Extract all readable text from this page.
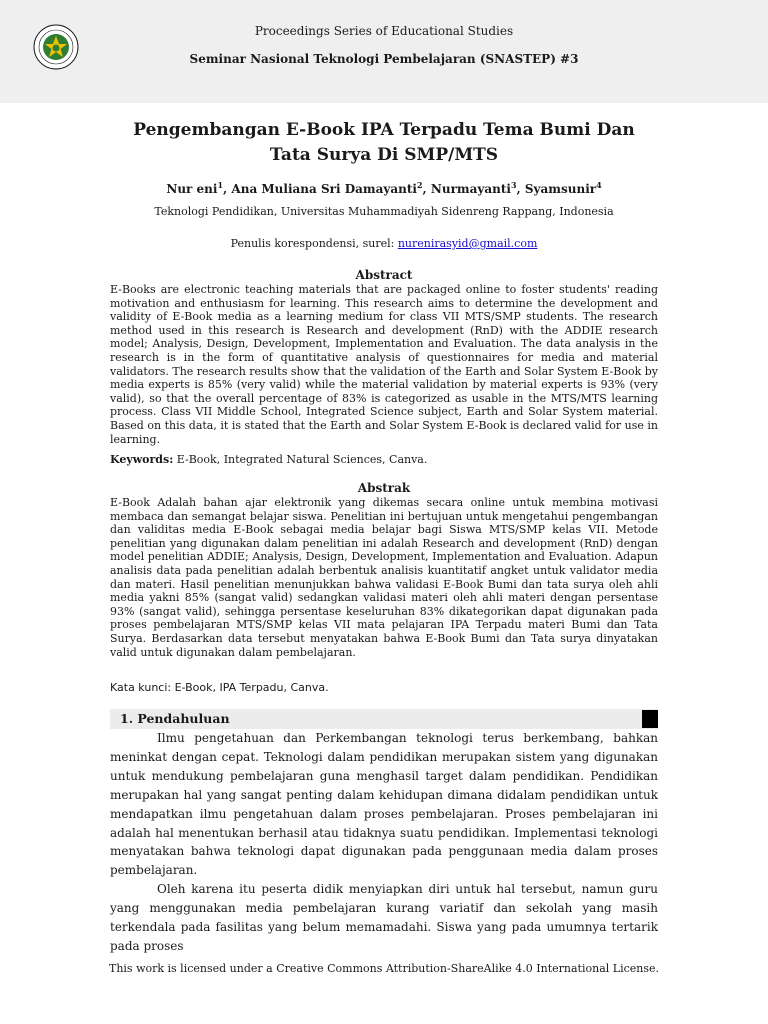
Proceedings Series of Educational Studies
Seminar Nasional Teknologi Pembelajaran (SNASTEP) #3
Pengembangan E-Book IPA Terpadu Tema Bumi Dan Tata Surya Di SMP/MTS
Nur eni$^1$, Ana Muliana Sri Damayanti$^2$, Nurmayanti$^3$, Syamsunir$^4$
Teknologi Pendidikan, Universitas Muhammadiyah Sidenreng Rappang, Indonesia
Penulis korespondensi, surel: nurenirasyid@gmail.com
Abstract

E-Books are electronic teaching materials that are packaged online to foster students' reading motivation and enthusiasm for learning. This research aims to determine the development and validity of E-Book media as a learning medium for class VII MTS/SMP students. The research method used in this research is Research and development (RnD) with the ADDIE research model; Analysis, Design, Development, Implementation and Evaluation. The data analysis in the research is in the form of quantitative analysis of questionnaires for media and material validators. The research results show that the validation of the Earth and Solar System E-Book by media experts is 85% (very valid) while the material validation by material experts is 93% (very valid), so that the overall percentage of 83% is categorized as usable in the MTS/MTS learning process. Class VII Middle School, Integrated Science subject, Earth and Solar System material. Based on this data, it is stated that the Earth and Solar System E-Book is declared valid for use in learning.

Keywords: E-Book, Integrated Natural Sciences, Canva.
Abstrak

E-Book Adalah bahan ajar elektronik yang dikemas secara online untuk membina motivasi membaca dan semangat belajar siswa. Penelitian ini bertujuan untuk mengetahui pengembangan dan validitas media E-Book sebagai media belajar bagi Siswa MTS/SMP kelas VII. Metode penelitian yang digunakan dalam penelitian ini adalah Research and development (RnD) dengan model penelitian ADDIE; Analysis, Design, Development, Implementation and Evaluation. Adapun analisis data pada penelitian adalah berbentuk analisis kuantitatif angket untuk validator media dan materi. Hasil penelitian menunjukkan bahwa validasi E-Book Bumi dan tata surya oleh ahli media yakni 85% (sangat valid) sedangkan validasi materi oleh ahli materi dengan persentase 93% (sangat valid), sehingga persentase keseluruhan 83% dikategorikan dapat digunakan pada proses pembelajaran MTS/SMP kelas VII mata pelajaran IPA Terpadu materi Bumi dan Tata Surya. Berdasarkan data tersebut menyatakan bahwa E-Book Bumi dan Tata surya dinyatakan valid untuk digunakan dalam pembelajaran.

Kata kunci: E-Book, IPA Terpadu, Canva.
1. Pendahuluan

Ilmu pengetahuan dan Perkembangan teknologi terus berkembang, bahkan meninkat dengan cepat. Teknologi dalam pendidikan merupakan sistem yang digunakan untuk mendukung pembelajaran guna menghasil target dalam pendidikan. Pendidikan merupakan hal yang sangat penting dalam kehidupan dimana didalam pendidikan untuk mendapatkan ilmu pengetahuan dalam proses pembelajaran. Proses pembelajaran ini adalah hal menentukan berhasil atau tidaknya suatu pendidikan. Implementasi teknologi menyatakan bahwa teknologi dapat digunakan pada penggunaan media dalam proses pembelajaran.

Oleh karena itu peserta didik menyiapkan diri untuk hal tersebut, namun guru yang menggunakan media pembelajaran kurang variatif dan sekolah yang masih terkendala pada fasilitas yang belum memamadahi. Siswa yang pada umumnya tertarik pada proses

This work is licensed under a Creative Commons Attribution-ShareAlike 4.0 International License.
